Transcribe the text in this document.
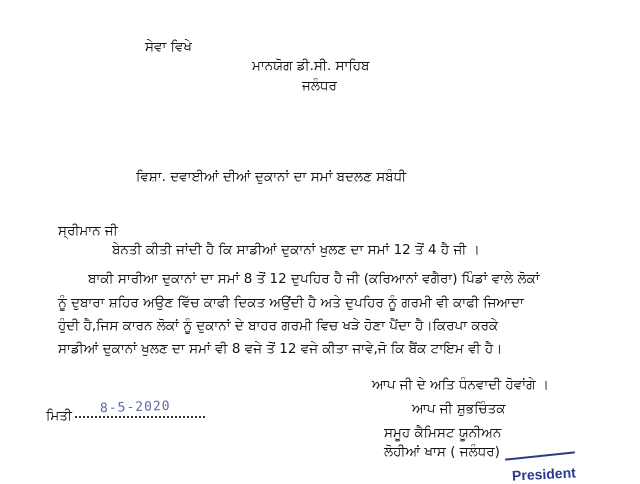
ਸੇਵਾ ਵਿਖੇ
ਮਾਨਯੋਗ ਡੀ.ਸੀ. ਸਾਹਿਬ
ਜਲੰਧਰ
ਵਿਸ਼ਾ. ਦਵਾਈਆਂ ਦੀਆਂ ਦੁਕਾਨਾਂ ਦਾ ਸਮਾਂ ਬਦਲਣ ਸਬੰਧੀ
ਸ੍ਰੀਮਾਨ ਜੀ
ਬੇਨਤੀ ਕੀਤੀ ਜਾਂਦੀ ਹੈ ਕਿ ਸਾਡੀਆਂ ਦੁਕਾਨਾਂ ਖੁਲਣ ਦਾ ਸਮਾਂ 12 ਤੋਂ 4 ਹੈ ਜੀ ।
ਬਾਕੀ ਸਾਰੀਆ ਦੁਕਾਨਾਂ ਦਾ ਸਮਾਂ 8 ਤੋਂ 12 ਦੁਪਹਿਰ ਹੈ ਜੀ (ਕਰਿਆਨਾਂ ਵਗੈਰਾ) ਪਿੰਡਾਂ ਵਾਲੇ ਲੋਕਾਂ
ਨੂੰ ਦੁਬਾਰਾ ਸ਼ਹਿਰ ਅਉਣ ਵਿੱਚ ਕਾਫੀ ਦਿਕਤ ਅਉਂਦੀ ਹੈ ਅਤੇ ਦੁਪਹਿਰ ਨੂੰ ਗਰਮੀ ਵੀ ਕਾਫੀ ਜਿਆਦਾ
ਹੁੰਦੀ ਹੈ,ਜਿਸ ਕਾਰਨ ਲੋਕਾਂ ਨੂੰ ਦੁਕਾਨਾਂ ਦੇ ਬਾਹਰ ਗਰਮੀ ਵਿਚ ਖੜੇ ਹੋਣਾ ਪੈਂਦਾ ਹੈ।ਕਿਰਪਾ ਕਰਕੇ
ਸਾਡੀਆਂ ਦੁਕਾਨਾਂ ਖੁਲਣ ਦਾ ਸਮਾਂ ਵੀ 8 ਵਜੇ ਤੋਂ 12 ਵਜੇ ਕੀਤਾ ਜਾਵੇ,ਜੋ ਕਿ ਬੈਂਕ ਟਾਇਮ ਵੀ ਹੈ।
ਆਪ ਜੀ ਦੇ ਅਤਿ ਧੰਨਵਾਦੀ ਹੋਵਾਂਗੇ ।
ਮਿਤੀ 8-5-2020	ਆਪ ਜੀ ਸ਼ੁਭਚਿੰਤਕ
ਸਮੂਹ ਕੈਮਿਸਟ ਯੂਨੀਅਨ
ਲੋਹੀਆਂ ਖਾਸ ( ਜਲੰਧਰ)
President
